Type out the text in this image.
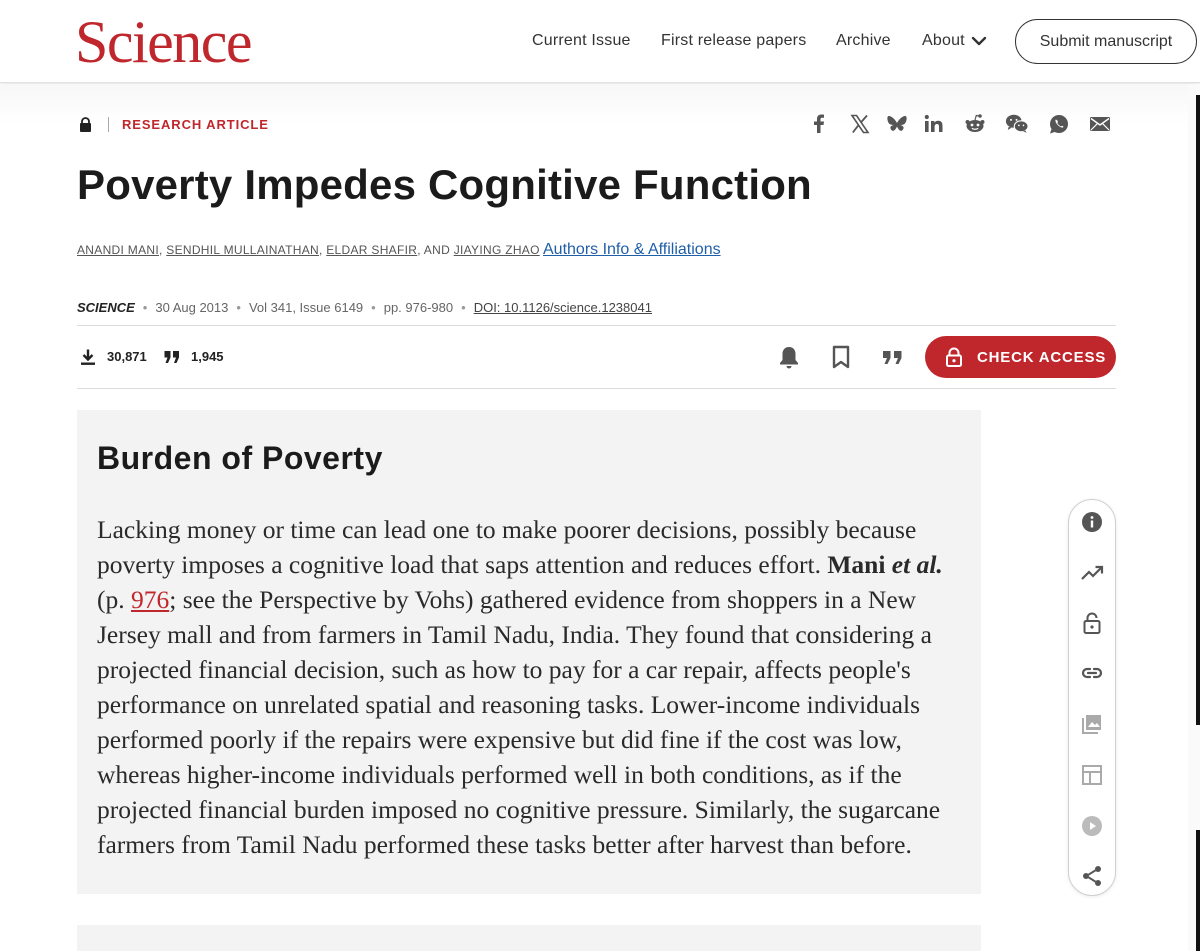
Science	Current Issue First release papers Archive About	Submit manuscript
RESEARCH ARTICLE
Poverty Impedes Cognitive Function
ANANDI MANI, SENDHIL MULLAINATHAN, ELDAR SHAFIR, AND JIAYING ZHAO Authors Info & Affiliations
SCIENCE • 30 Aug 2013 • Vol 341, Issue 6149 • pp. 976-980 • DOI: 10.1126/science.1238041
30,871	1,945	CHECK ACCESS
Burden of Poverty

Lacking money or time can lead one to make poorer decisions, possibly because poverty imposes a cognitive load that saps attention and reduces effort. Mani et al. (p. 976; see the Perspective by Vohs) gathered evidence from shoppers in a New Jersey mall and from farmers in Tamil Nadu, India. They found that considering a projected financial decision, such as how to pay for a car repair, affects people's performance on unrelated spatial and reasoning tasks. Lower-income individuals performed poorly if the repairs were expensive but did fine if the cost was low, whereas higher-income individuals performed well in both conditions, as if the projected financial burden imposed no cognitive pressure. Similarly, the sugarcane farmers from Tamil Nadu performed these tasks better after harvest than before.
